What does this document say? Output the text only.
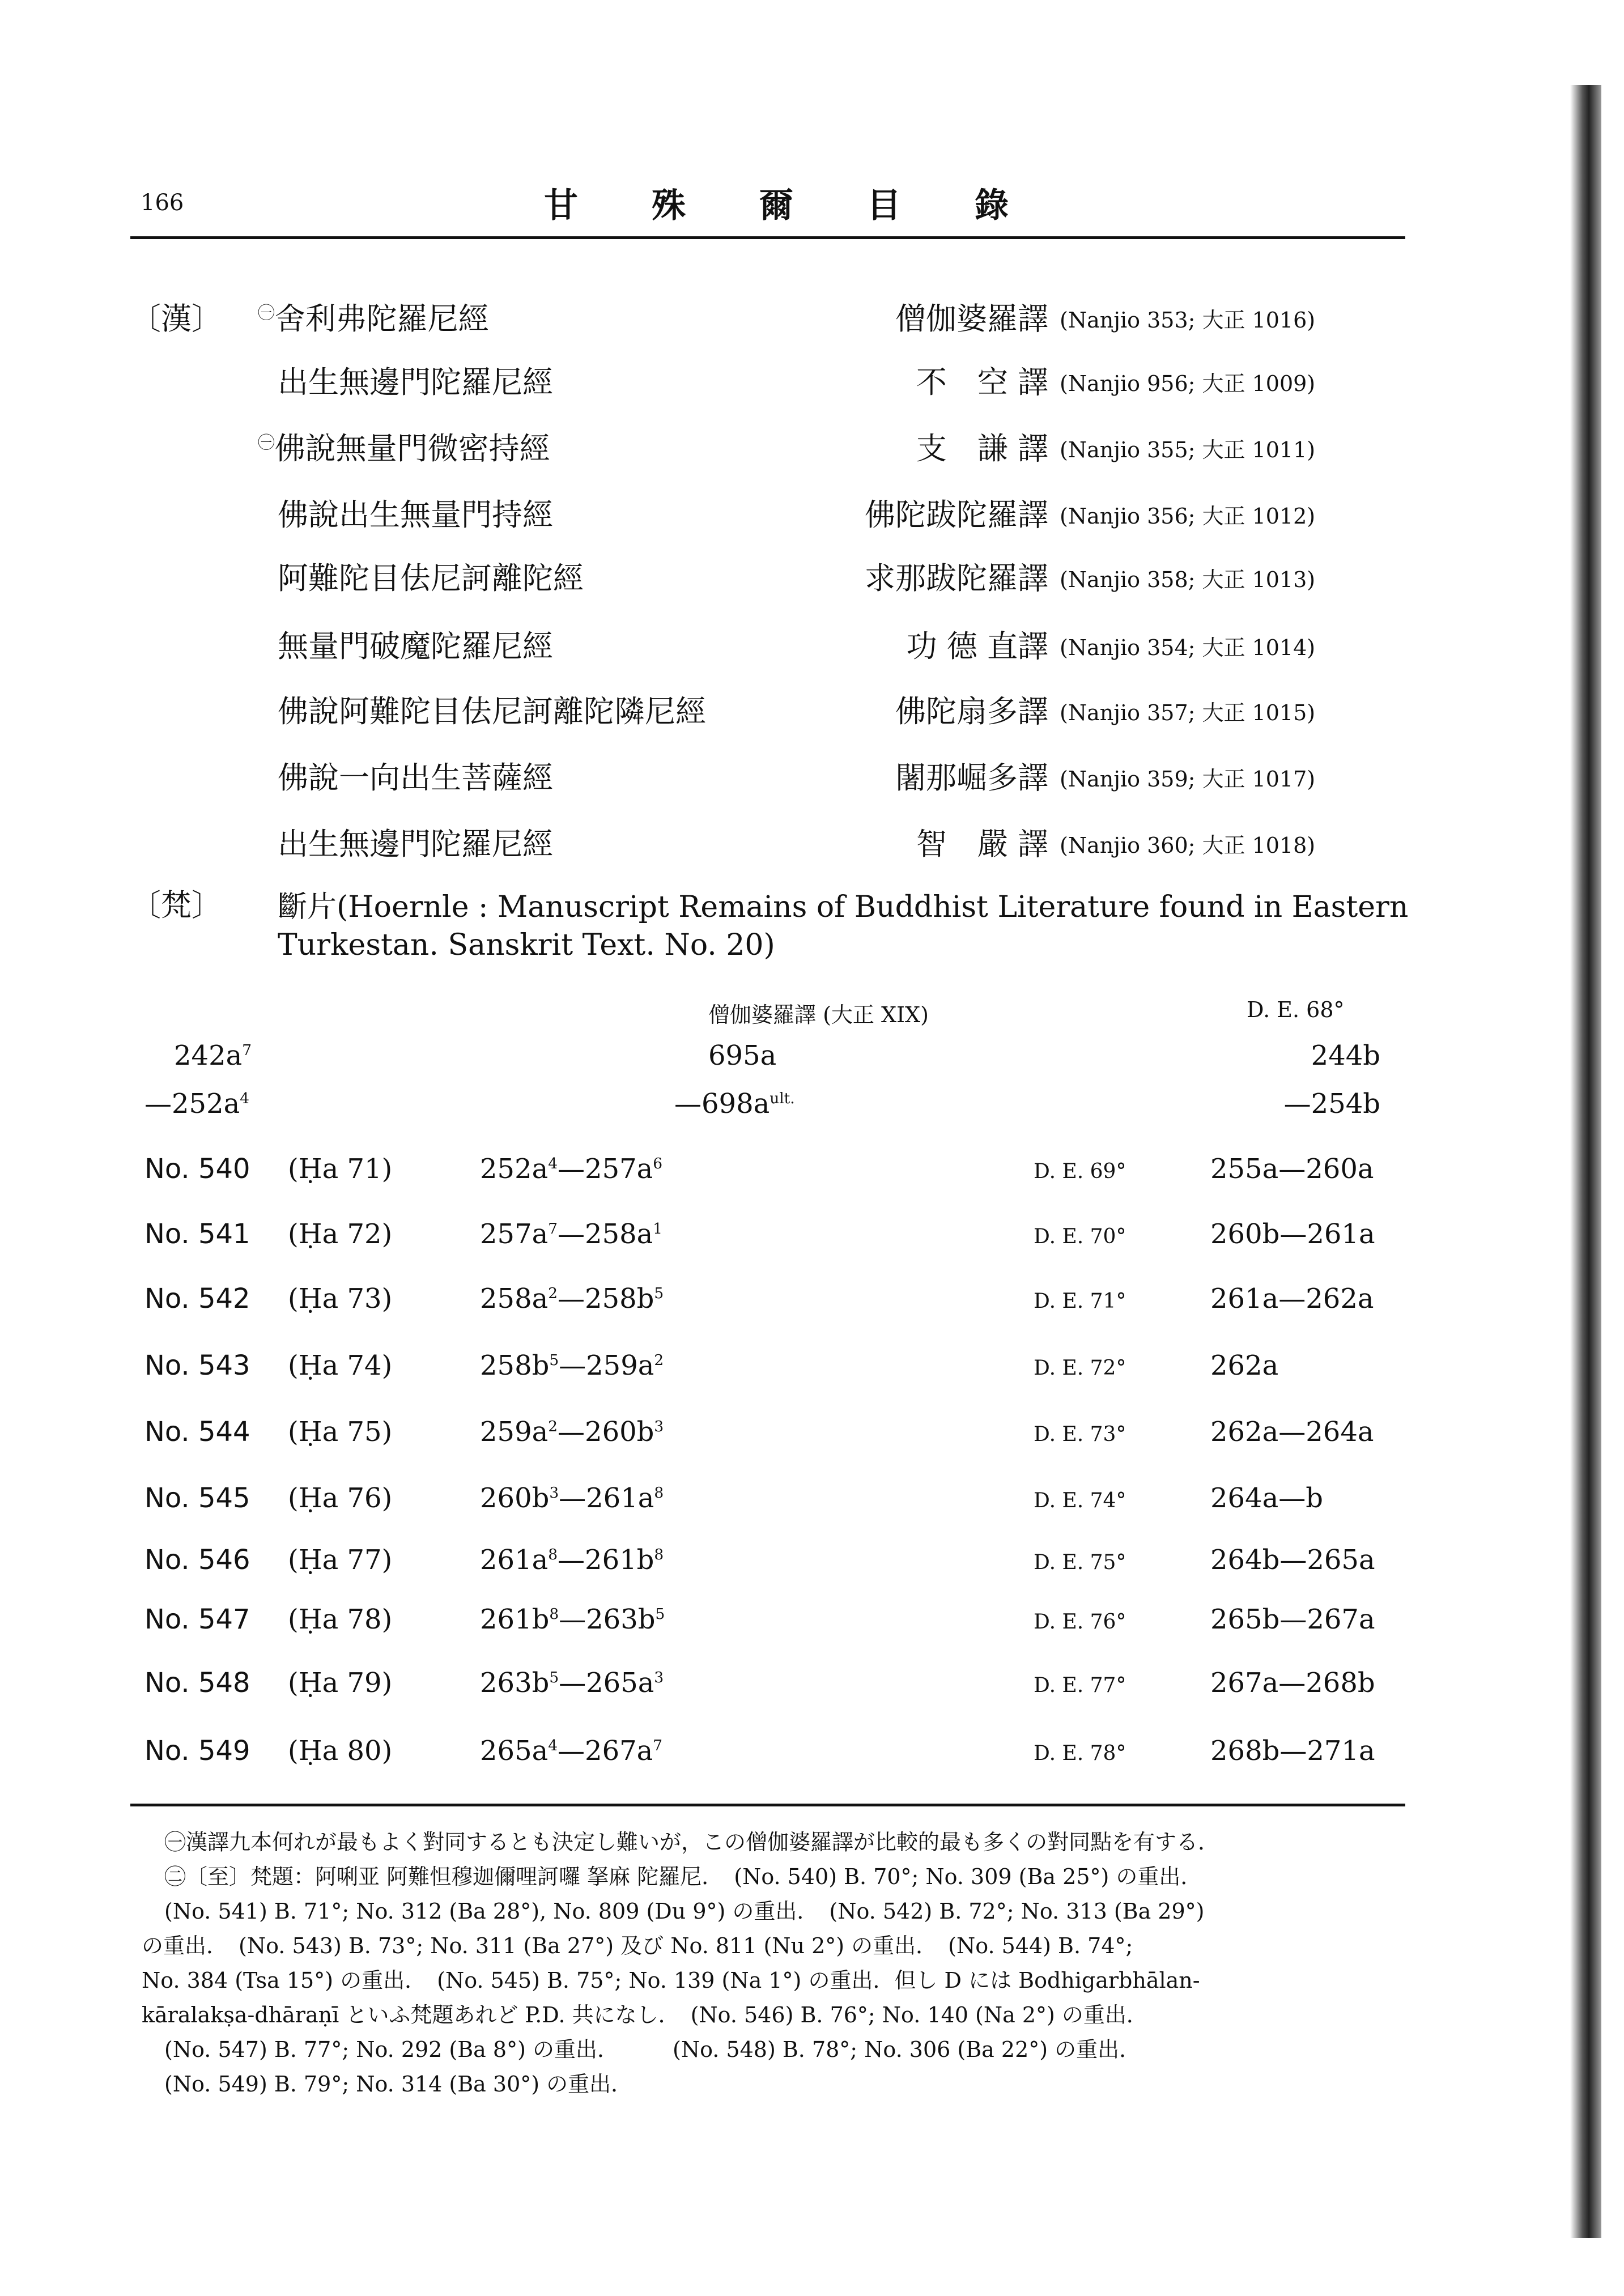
166	甘殊爾目錄
〔漢〕 $^㊀$舍利弗陀羅尼經	僧伽婆羅譯 (Nanjio 353; 大正 1016)
出生無邊門陀羅尼經	不　空 譯 (Nanjio 956; 大正 1009)
$^㊀$佛說無量門微密持經	支　謙 譯 (Nanjio 355; 大正 1011)
佛說出生無量門持經	佛陀跋陀羅譯 (Nanjio 356; 大正 1012)
阿難陀目佉尼訶離陀經	求那跋陀羅譯 (Nanjio 358; 大正 1013)
無量門破魔陀羅尼經	功 德 直譯 (Nanjio 354; 大正 1014)
佛說阿難陀目佉尼訶離陀隣尼經	佛陀扇多譯 (Nanjio 357; 大正 1015)
佛說一向出生菩薩經	闍那崛多譯 (Nanjio 359; 大正 1017)
出生無邊門陀羅尼經	智　嚴 譯 (Nanjio 360; 大正 1018)
〔梵〕 斷片(Hoernle : Manuscript Remains of Buddhist Literature found in Eastern
Turkestan. Sanskrit Text. No. 20)
僧伽婆羅譯 (大正 XIX)	D. E. 68°
$242a^7$	695a	244b
$—252a^4$	$—698a^{ult.}$	—254b
No. 540 (Ḥa 71)	$252a^4—257a^6$	D. E. 69°	255a—260a
No. 541 (Ḥa 72)	$257a^7—258a^1$	D. E. 70°	260b—261a
No. 542 (Ḥa 73)	$258a^2—258b^5$	D. E. 71°	261a—262a
No. 543 (Ḥa 74)	$258b^5—259a^2$	D. E. 72°	262a
No. 544 (Ḥa 75)	$259a^2—260b^3$	D. E. 73°	262a—264a
No. 545 (Ḥa 76)	$260b^3—261a^8$	D. E. 74°	264a—b
No. 546 (Ḥa 77)	$261a^8—261b^8$	D. E. 75°	264b—265a
No. 547 (Ḥa 78)	$261b^8—263b^5$	D. E. 76°	265b—267a
No. 548 (Ḥa 79)	$263b^5—265a^3$	D. E. 77°	267a—268b
No. 549 (Ḥa 80)	$265a^4—267a^7$	D. E. 78°	268b—271a
㊀漢譯九本何れが最もよく對同するとも決定し難いが，この僧伽婆羅譯が比較的最も多くの對同點を有する．
㊁〔至〕梵題：阿唎亚 阿難怛穆迦儞哩訶囉 拏麻 陀羅尼．　(No. 540) B. 70°; No. 309 (Ba 25°) の重出．
(No. 541) B. 71°; No. 312 (Ba 28°), No. 809 (Du 9°) の重出．　(No. 542) B. 72°; No. 313 (Ba 29°)
の重出．　(No. 543) B. 73°; No. 311 (Ba 27°) 及び No. 811 (Nu 2°) の重出．　(No. 544) B. 74°;
No. 384 (Tsa 15°) の重出．　(No. 545) B. 75°; No. 139 (Na 1°) の重出．但し D には Bodhigarbhālan-
kāralakṣa-dhāraṇī といふ梵題あれど P.D. 共になし．　(No. 546) B. 76°; No. 140 (Na 2°) の重出．
(No. 547) B. 77°; No. 292 (Ba 8°) の重出．　　　(No. 548) B. 78°; No. 306 (Ba 22°) の重出．
(No. 549) B. 79°; No. 314 (Ba 30°) の重出．
